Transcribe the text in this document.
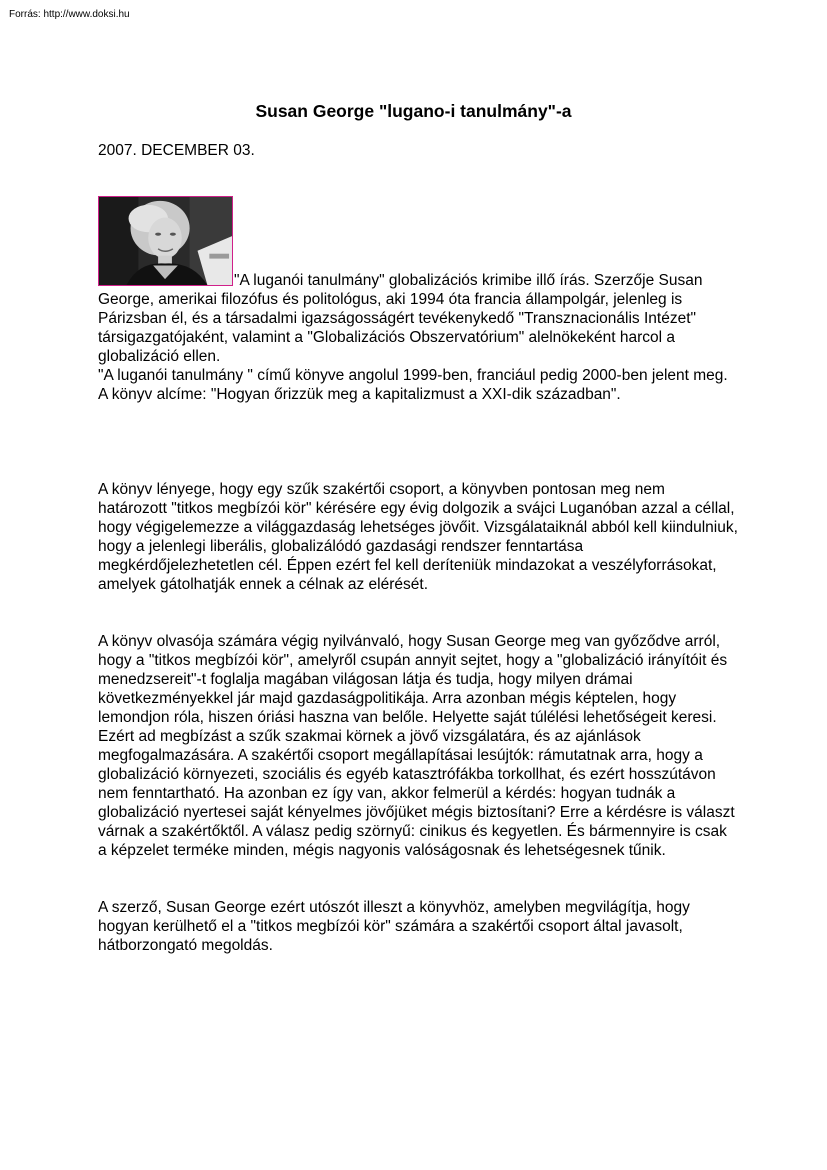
Forrás: http://www.doksi.hu
Susan George "lugano-i tanulmány"-a
2007. DECEMBER 03.

"A luganói tanulmány" globalizációs krimibe illő írás. Szerzője Susan George, amerikai filozófus és politológus, aki 1994 óta francia állampolgár, jelenleg is Párizsban él, és a társadalmi igazságosságért tevékenykedő "Transznacionális Intézet" társigazgatójaként, valamint a "Globalizációs Obszervatórium" alelnökeként harcol a globalizáció ellen.

"A luganói tanulmány " című könyve angolul 1999-ben, franciául pedig 2000-ben jelent meg. A könyv alcíme: "Hogyan őrizzük meg a kapitalizmust a XXI-dik században".

A könyv lényege, hogy egy szűk szakértői csoport, a könyvben pontosan meg nem határozott "titkos megbízói kör" kérésére egy évig dolgozik a svájci Luganóban azzal a céllal, hogy végigelemezze a világgazdaság lehetséges jövőit. Vizsgálataiknál abból kell kiindulniuk, hogy a jelenlegi liberális, globalizálódó gazdasági rendszer fenntartása megkérdőjelezhetetlen cél. Éppen ezért fel kell deríteniük mindazokat a veszélyforrásokat, amelyek gátolhatják ennek a célnak az elérését.

A könyv olvasója számára végig nyilvánvaló, hogy Susan George meg van győződve arról, hogy a "titkos megbízói kör", amelyről csupán annyit sejtet, hogy a "globalizáció irányítóit és menedzsereit"-t foglalja magában világosan látja és tudja, hogy milyen drámai következményekkel jár majd gazdaságpolitikája. Arra azonban mégis képtelen, hogy lemondjon róla, hiszen óriási haszna van belőle. Helyette saját túlélési lehetőségeit keresi. Ezért ad megbízást a szűk szakmai körnek a jövő vizsgálatára, és az ajánlások megfogalmazására. A szakértői csoport megállapításai lesújtók: rámutatnak arra, hogy a globalizáció környezeti, szociális és egyéb katasztrófákba torkollhat, és ezért hosszútávon nem fenntartható. Ha azonban ez így van, akkor felmerül a kérdés: hogyan tudnák a globalizáció nyertesei saját kényelmes jövőjüket mégis biztosítani? Erre a kérdésre is választ várnak a szakértőktől. A válasz pedig szörnyű: cinikus és kegyetlen. És bármennyire is csak a képzelet terméke minden, mégis nagyonis valóságosnak és lehetségesnek tűnik.

A szerző, Susan George ezért utószót illeszt a könyvhöz, amelyben megvilágítja, hogy hogyan kerülhető el a "titkos megbízói kör" számára a szakértői csoport által javasolt, hátborzongató megoldás.
